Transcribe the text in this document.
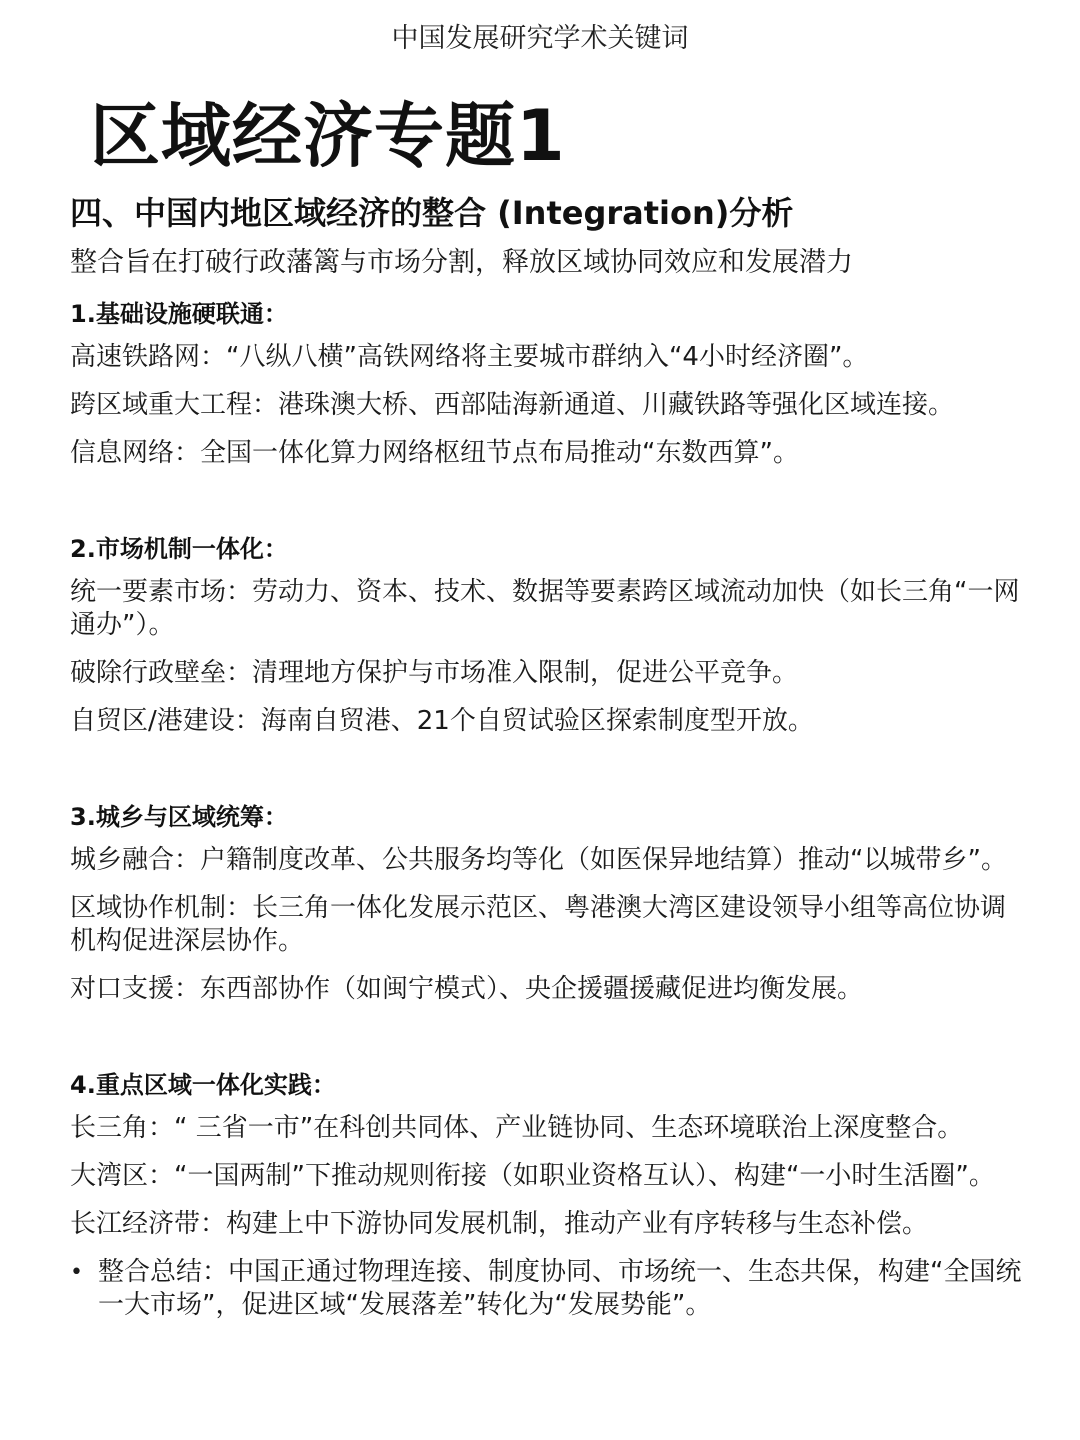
中国发展研究学术关键词
区域经济专题1
四、中国内地区域经济的整合 (Integration)分析
整合旨在打破行政藩篱与市场分割，释放区域协同效应和发展潜力
1.基础设施硬联通：
高速铁路网：“八纵八横”高铁网络将主要城市群纳入“4小时经济圈”。
跨区域重大工程：港珠澳大桥、西部陆海新通道、川藏铁路等强化区域连接。
信息网络：全国一体化算力网络枢纽节点布局推动“东数西算”。
2.市场机制一体化：
统一要素市场：劳动力、资本、技术、数据等要素跨区域流动加快（如长三角“一网通办”）。
破除行政壁垒：清理地方保护与市场准入限制，促进公平竞争。
自贸区/港建设：海南自贸港、21个自贸试验区探索制度型开放。
3.城乡与区域统筹：
城乡融合：户籍制度改革、公共服务均等化（如医保异地结算）推动“以城带乡”。
区域协作机制：长三角一体化发展示范区、粤港澳大湾区建设领导小组等高位协调机构促进深层协作。
对口支援：东西部协作（如闽宁模式）、央企援疆援藏促进均衡发展。
4.重点区域一体化实践：
长三角：“ 三省一市”在科创共同体、产业链协同、生态环境联治上深度整合。
大湾区：“一国两制”下推动规则衔接（如职业资格互认）、构建“一小时生活圈”。
长江经济带：构建上中下游协同发展机制，推动产业有序转移与生态补偿。
• 整合总结：中国正通过物理连接、制度协同、市场统一、生态共保，构建“全国统一大市场”，促进区域“发展落差”转化为“发展势能”。
